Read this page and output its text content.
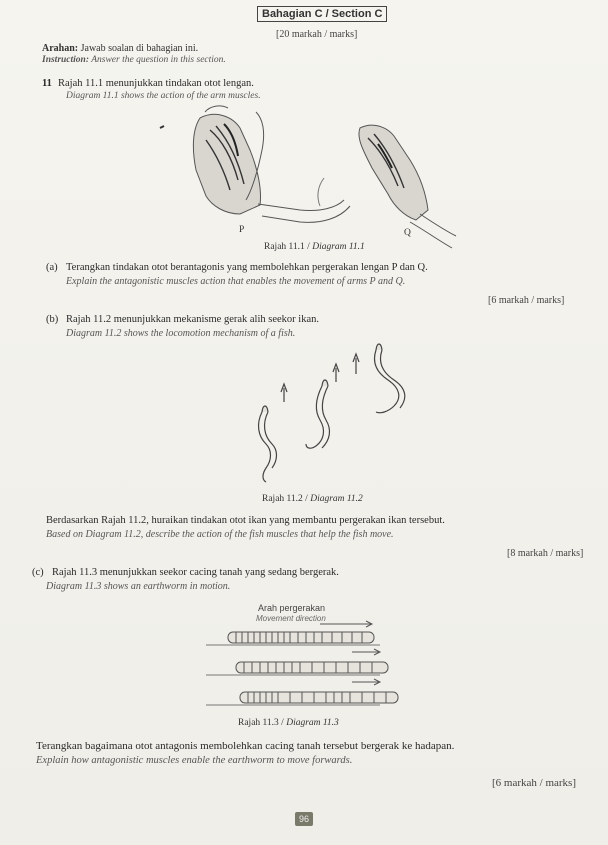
Bahagian C / Section C
[20 markah / marks]
Arahan: Jawab soalan di bahagian ini.
Instruction: Answer the question in this section.
11 Rajah 11.1 menunjukkan tindakan otot lengan.
Diagram 11.1 shows the action of the arm muscles.
P	Q
Rajah 11.1 / Diagram 11.1
(a) Terangkan tindakan otot berantagonis yang membolehkan pergerakan lengan P dan Q.
Explain the antagonistic muscles action that enables the movement of arms P and Q.
[6 markah / marks]
(b) Rajah 11.2 menunjukkan mekanisme gerak alih seekor ikan.
Diagram 11.2 shows the locomotion mechanism of a fish.
Rajah 11.2 / Diagram 11.2
Berdasarkan Rajah 11.2, huraikan tindakan otot ikan yang membantu pergerakan ikan tersebut.
Based on Diagram 11.2, describe the action of the fish muscles that help the fish move.
[8 markah / marks]
(c) Rajah 11.3 menunjukkan seekor cacing tanah yang sedang bergerak.
Diagram 11.3 shows an earthworm in motion.
Arah pergerakan
Movement direction
Rajah 11.3 / Diagram 11.3
Terangkan bagaimana otot antagonis membolehkan cacing tanah tersebut bergerak ke hadapan.
Explain how antagonistic muscles enable the earthworm to move forwards.
[6 markah / marks]
96
